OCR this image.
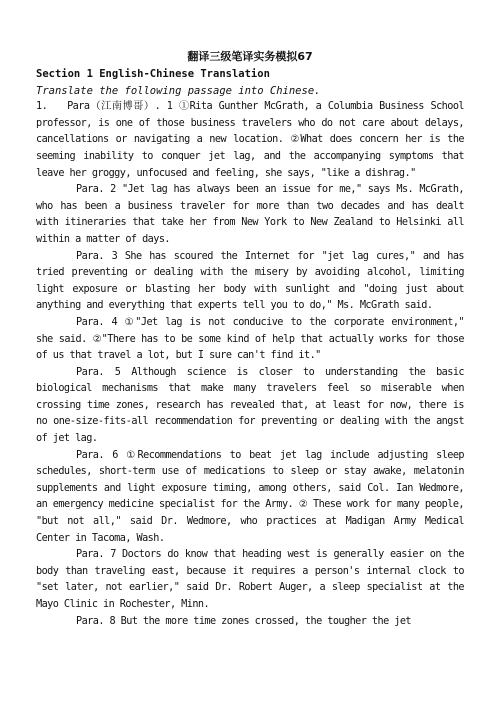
翻译三级笔译实务模拟67
Section 1 English-Chinese Translation
Translate the following passage into Chinese.

1.   Para（江南博哥）. 1 ①Rita Gunther McGrath, a Columbia Business School professor, is one of those business travelers who do not care about delays, cancellations or navigating a new location. ②What does concern her is the seeming inability to conquer jet lag, and the accompanying symptoms that leave her groggy, unfocused and feeling, she says, "like a dishrag."

Para. 2 "Jet lag has always been an issue for me," says Ms. McGrath, who has been a business traveler for more than two decades and has dealt with itineraries that take her from New York to New Zealand to Helsinki all within a matter of days.

Para. 3 She has scoured the Internet for "jet lag cures," and has tried preventing or dealing with the misery by avoiding alcohol, limiting light exposure or blasting her body with sunlight and "doing just about anything and everything that experts tell you to do," Ms. McGrath said.

Para. 4 ①"Jet lag is not conducive to the corporate environment," she said. ②"There has to be some kind of help that actually works for those of us that travel a lot, but I sure can't find it."

Para. 5 Although science is closer to understanding the basic biological mechanisms that make many travelers feel so miserable when crossing time zones, research has revealed that, at least for now, there is no one-size-fits-all recommendation for preventing or dealing with the angst of jet lag.

Para. 6 ①Recommendations to beat jet lag include adjusting sleep schedules, short-term use of medications to sleep or stay awake, melatonin supplements and light exposure timing, among others, said Col. Ian Wedmore, an emergency medicine specialist for the Army. ② These work for many people, "but not all," said Dr. Wedmore, who practices at Madigan Army Medical Center in Tacoma, Wash.

Para. 7 Doctors do know that heading west is generally easier on the body than traveling east, because it requires a person's internal clock to "set later, not earlier," said Dr. Robert Auger, a sleep specialist at the Mayo Clinic in Rochester, Minn.

Para. 8 But the more time zones crossed, the tougher the jet
